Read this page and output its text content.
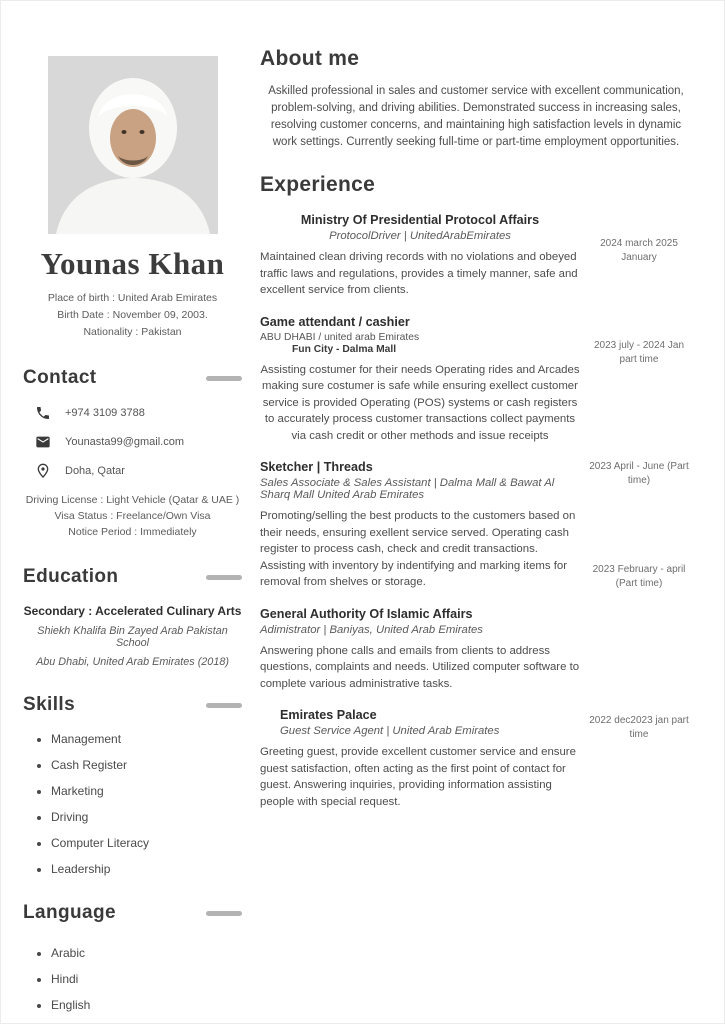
Younas Khan
Place of birth : United Arab Emirates
Birth Date : November 09, 2003.
Nationality : Pakistan
Contact
+974 3109 3788
Younasta99@gmail.com
Doha, Qatar
Driving License : Light Vehicle (Qatar & UAE )
Visa Status : Freelance/Own Visa
Notice Period : Immediately
Education
Secondary : Accelerated Culinary Arts
Shiekh Khalifa Bin Zayed Arab Pakistan School
Abu Dhabi, United Arab Emirates (2018)
Skills
• Management
• Cash Register
• Marketing
• Driving
• Computer Literacy
• Leadership
Language
• Arabic
• Hindi
• English
About me

Askilled professional in sales and customer service with excellent communication, problem-solving, and driving abilities. Demonstrated success in increasing sales, resolving customer concerns, and maintaining high satisfaction levels in dynamic work settings. Currently seeking full-time or part-time employment opportunities.

Experience
Ministry Of Presidential Protocol Affairs
ProtocolDriver | UnitedArabEmirates
Maintained clean driving records with no violations and obeyed traffic laws and regulations, provides a timely manner, safe and excellent service from clients.
2024 march 2025 January
Game attendant / cashier
ABU DHABI / united arab Emirates
Fun City - Dalma Mall
Assisting costumer for their needs Operating rides and Arcades making sure costumer is safe while ensuring exellect customer service is provided Operating (POS) systems or cash registers to accurately process customer transactions collect payments via cash credit or other methods and issue receipts
2023 july - 2024 Jan part time
Sketcher | Threads
Sales Associate & Sales Assistant | Dalma Mall & Bawat Al Sharq Mall United Arab Emirates
Promoting/selling the best products to the customers based on their needs, ensuring exellent service served. Operating cash register to process cash, check and credit transactions. Assisting with inventory by indentifying and marking items for removal from shelves or storage.
2023 April - June (Part time)
2023 February - april (Part time)
General Authority Of Islamic Affairs
Adimistrator | Baniyas, United Arab Emirates
Answering phone calls and emails from clients to address questions, complaints and needs. Utilized computer software to complete various administrative tasks.
Emirates Palace
Guest Service Agent | United Arab Emirates
Greeting guest, provide excellent customer service and ensure guest satisfaction, often acting as the first point of contact for guest. Answering inquiries, providing information assisting people with special request.
2022 dec2023 jan part time
